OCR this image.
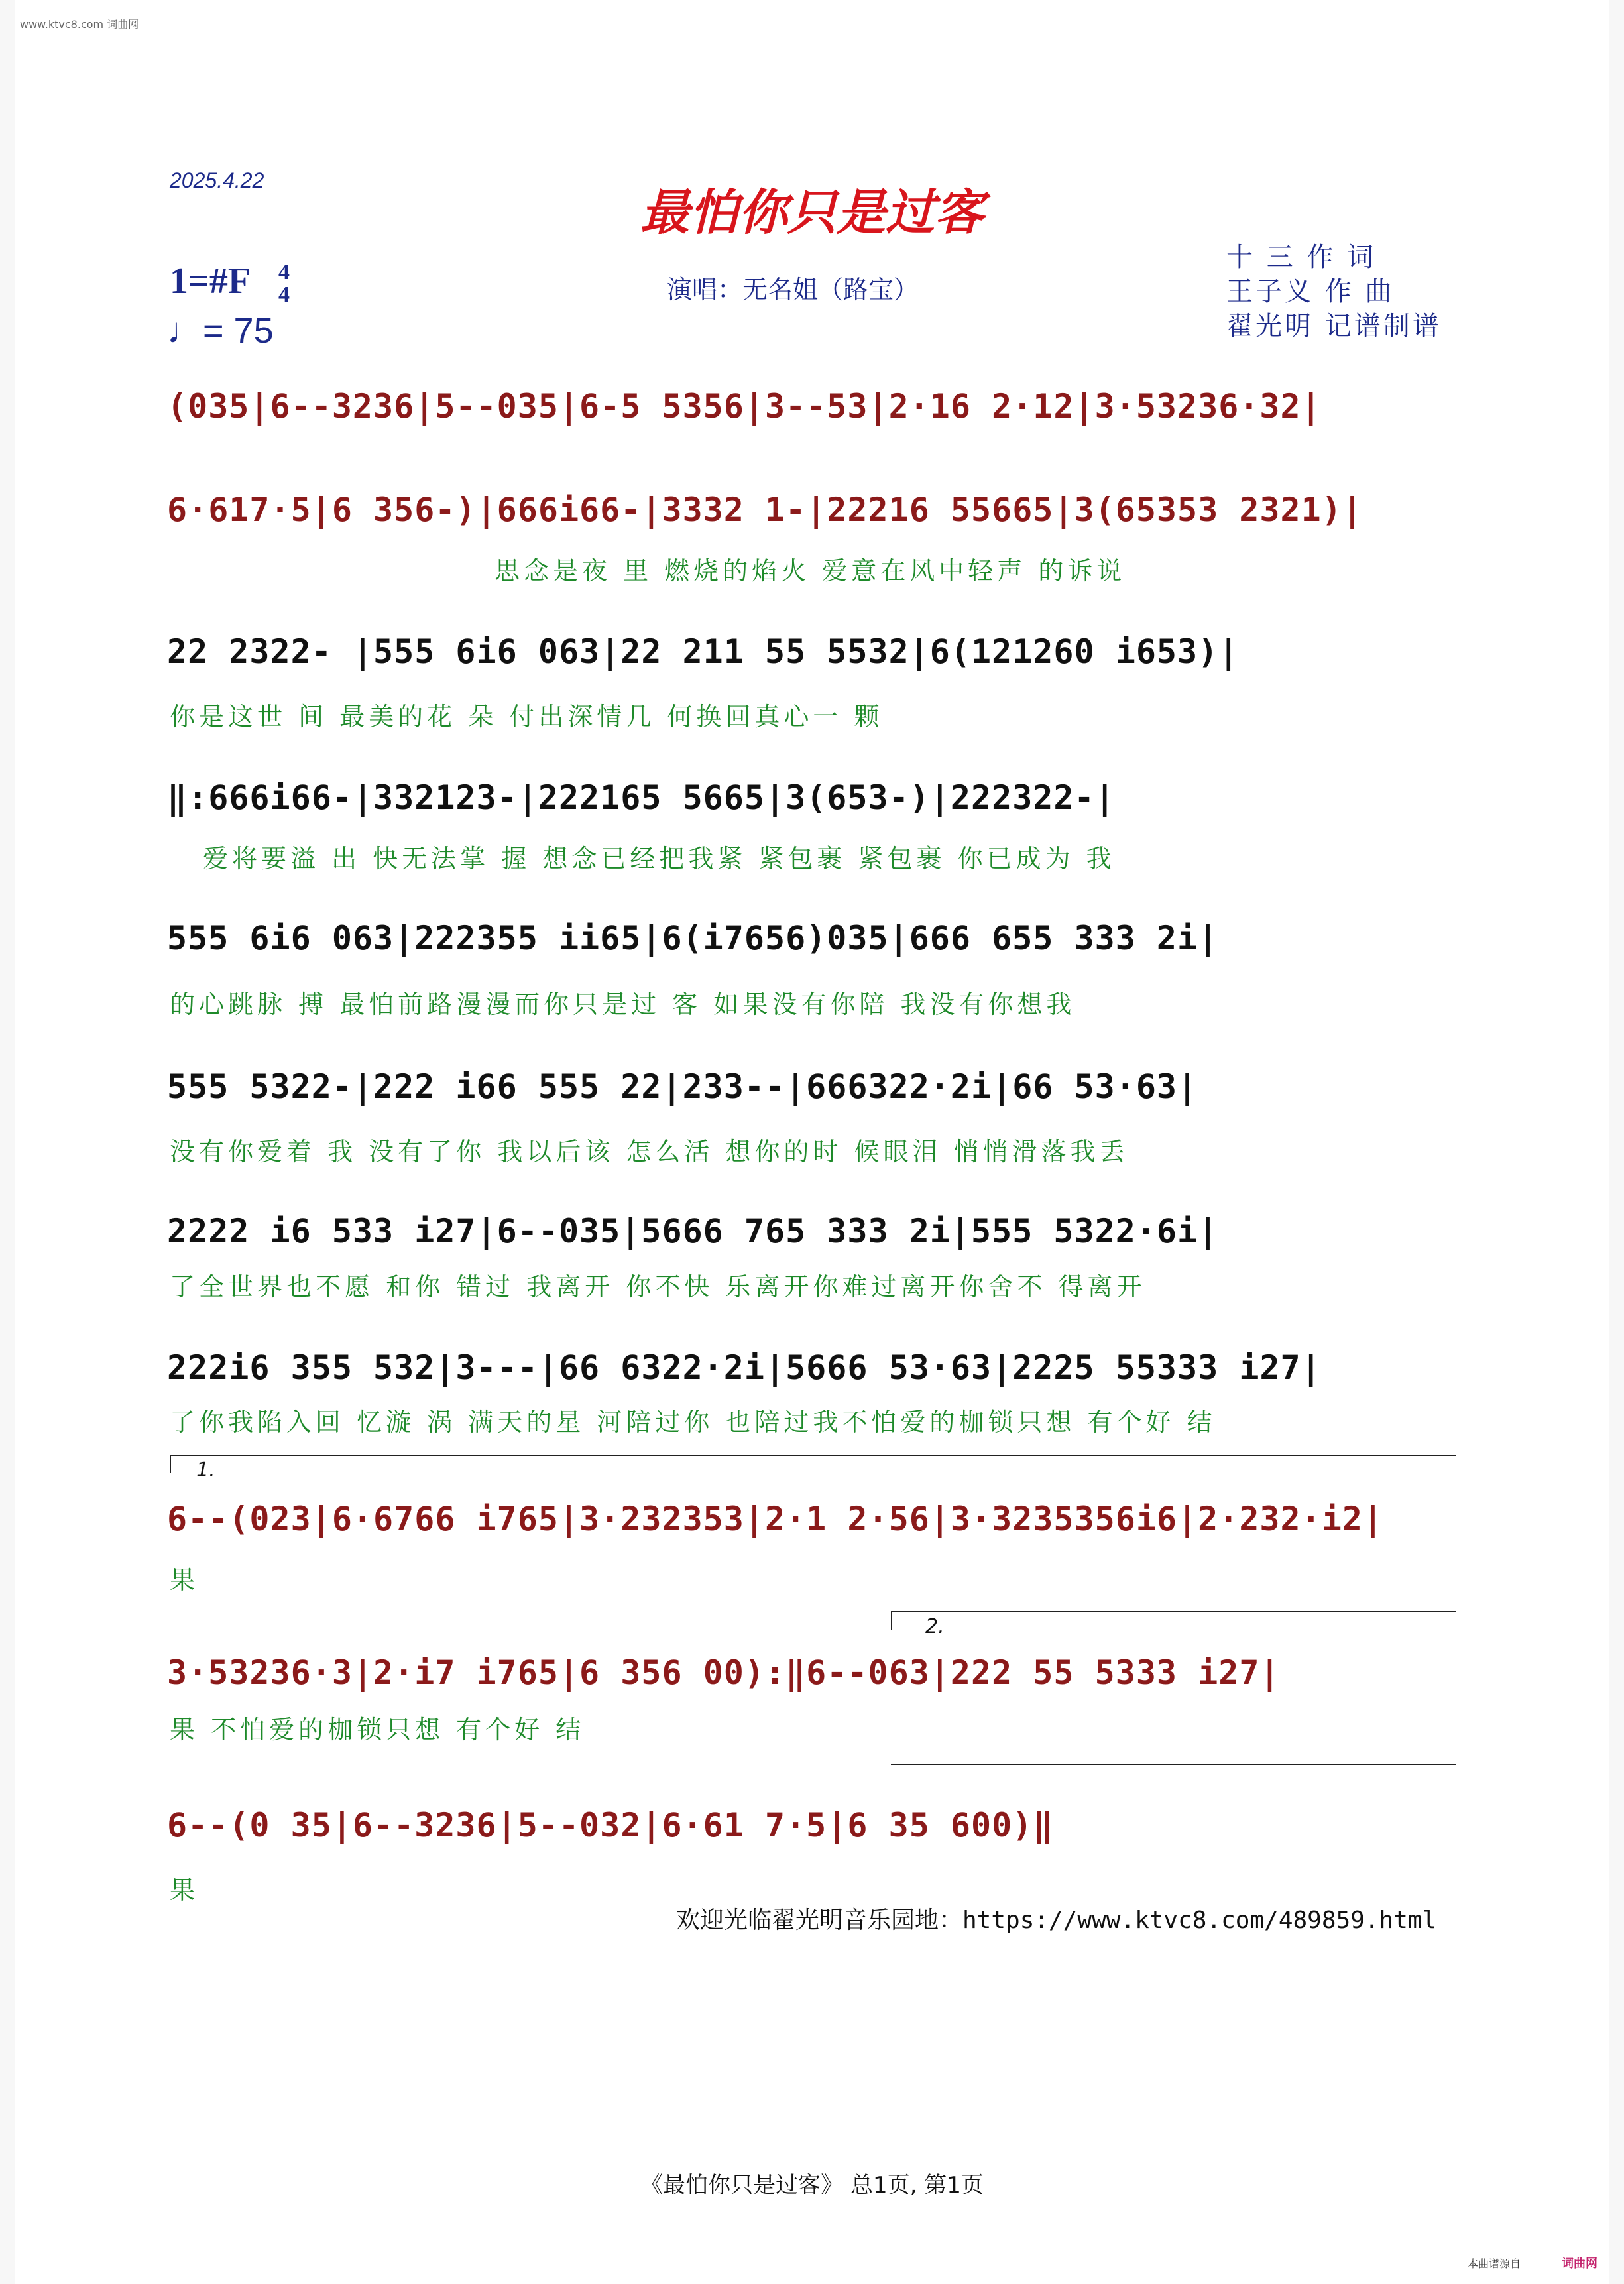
www.ktvc8.com 词曲网
2025.4.22
最怕你只是过客
1=#F 4
4
♩= 75
演唱：无名姐（路宝）
十 三 作 词
王子义 作 曲
翟光明 记谱制谱
(035|6--3236|5--035|6-5 5356|3--53|2·16 2·12|3·53236·32|
6·617·5|6 356-)|666i66-|3332 1-|22216 55665|3(65353 2321)|
思念是夜 里 燃烧的焰火 爱意在风中轻声 的诉说
22 2322- |555 6i6 063|22 211 55 5532|6(121260 i653)|
你是这世 间 最美的花 朵 付出深情几 何换回真心一 颗
‖:666i66-|332123-|222165 5665|3(653-)|222322-|
爱将要溢 出 快无法掌 握 想念已经把我紧 紧包裹 紧包裹 你已成为 我
555 6i6 063|222355 ii65|6(i7656)035|666 655 333 2i|
的心跳脉 搏 最怕前路漫漫而你只是过 客 如果没有你陪 我没有你想我
555 5322-|222 i66 555 22|233--|666322·2i|66 53·63|
没有你爱着 我 没有了你 我以后该 怎么活 想你的时 候眼泪 悄悄滑落我丢
2222 i6 533 i27|6--035|5666 765 333 2i|555 5322·6i|
了全世界也不愿 和你 错过 我离开 你不快 乐离开你难过离开你舍不 得离开
222i6 355 532|3---|66 6322·2i|5666 53·63|2225 55333 i27|
了你我陷入回 忆漩 涡 满天的星 河陪过你 也陪过我不怕爱的枷锁只想 有个好 结
1.
6--(023|6·6766 i765|3·232353|2·1 2·56|3·3235356i6|2·232·i2|
果
2.
3·53236·3|2·i7 i765|6 356 00):‖6--063|222 55 5333 i27|
果 不怕爱的枷锁只想 有个好 结
6--(0 35|6--3236|5--032|6·61 7·5|6 35 600)‖
果
欢迎光临翟光明音乐园地：https://www.ktvc8.com/489859.html
《最怕你只是过客》 总1页, 第1页
本曲谱源自	词曲网
